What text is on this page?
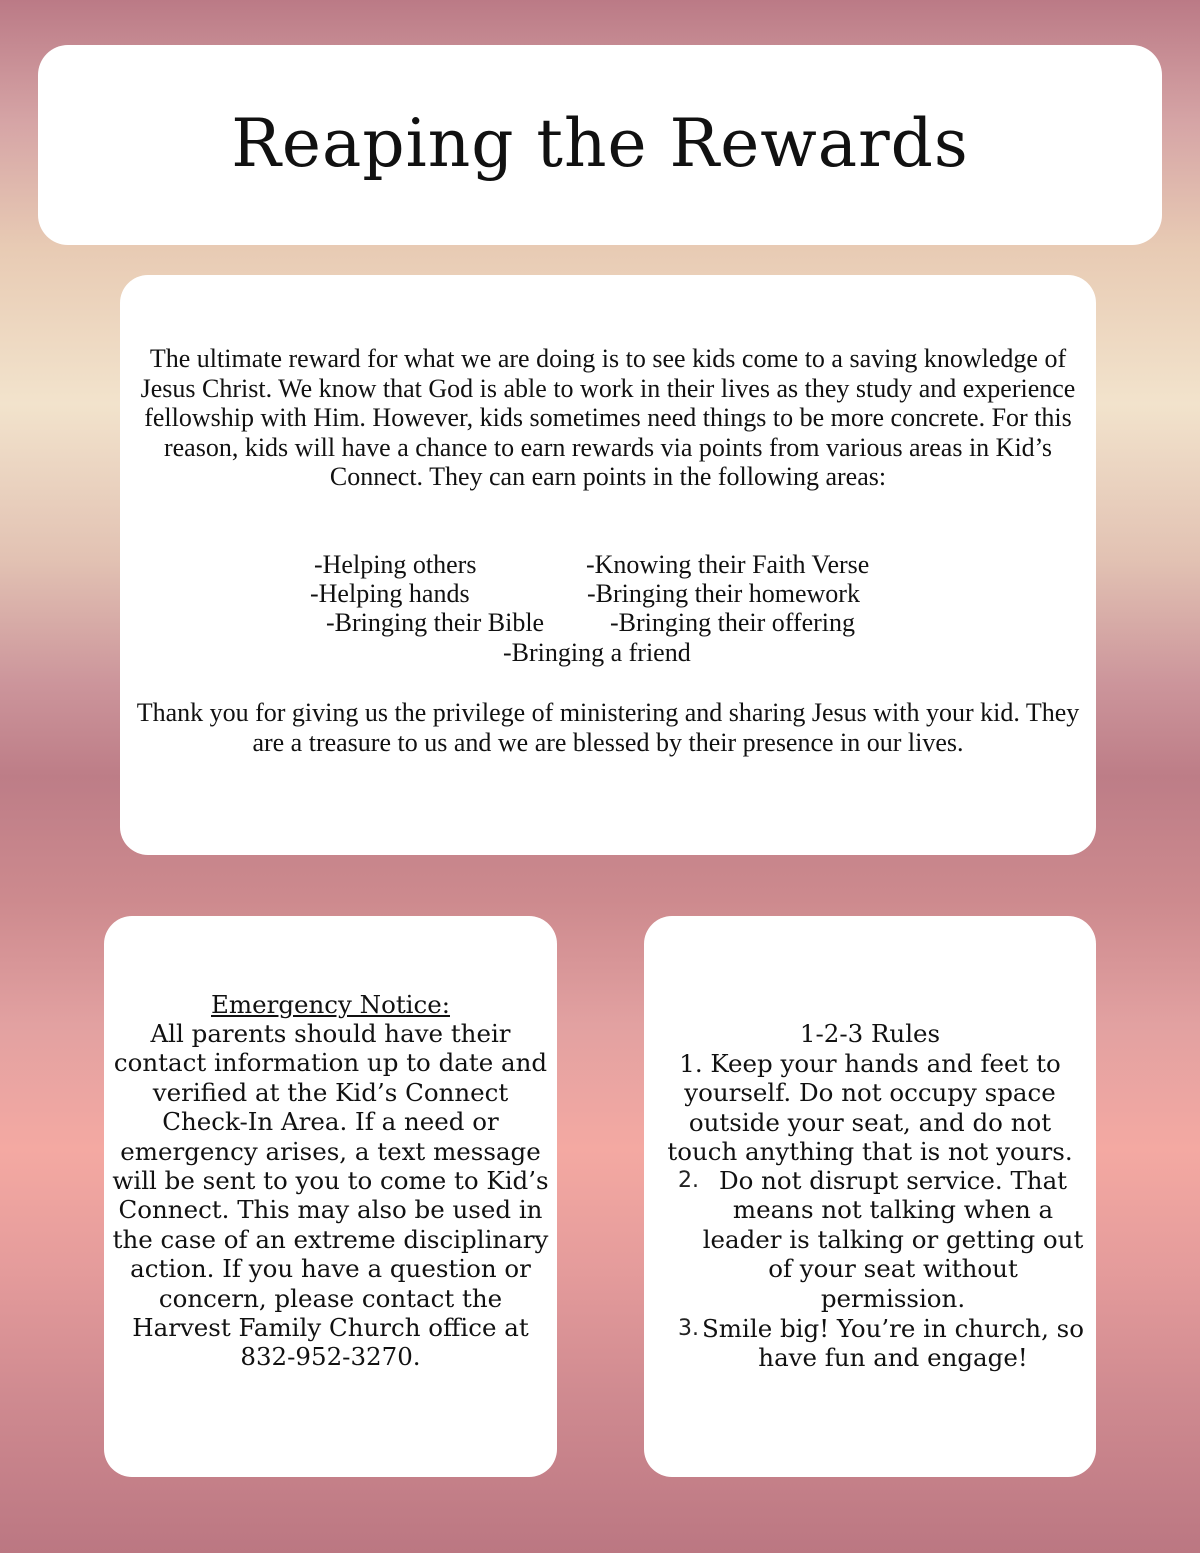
Reaping the Rewards

The ultimate reward for what we are doing is to see kids come to a saving knowledge of Jesus Christ. We know that God is able to work in their lives as they study and experience fellowship with Him. However, kids sometimes need things to be more concrete. For this reason, kids will have a chance to earn rewards via points from various areas in Kid’s Connect. They can earn points in the following areas:

-Helping others	-Knowing their Faith Verse

-Helping hands	-Bringing their homework

-Bringing their Bible	-Bringing their offering

-Bringing a friend

Thank you for giving us the privilege of ministering and sharing Jesus with your kid. They are a treasure to us and we are blessed by their presence in our lives.

Emergency Notice:

All parents should have their contact information up to date and verified at the Kid’s Connect Check-In Area. If a need or emergency arises, a text message will be sent to you to come to Kid’s Connect. This may also be used in the case of an extreme disciplinary action. If you have a question or concern, please contact the Harvest Family Church office at 832-952-3270.

1-2-3 Rules

1. Keep your hands and feet to yourself. Do not occupy space outside your seat, and do not touch anything that is not yours.

2. Do not disrupt service. That means not talking when a leader is talking or getting out of your seat without permission.

3. Smile big! You’re in church, so have fun and engage!
